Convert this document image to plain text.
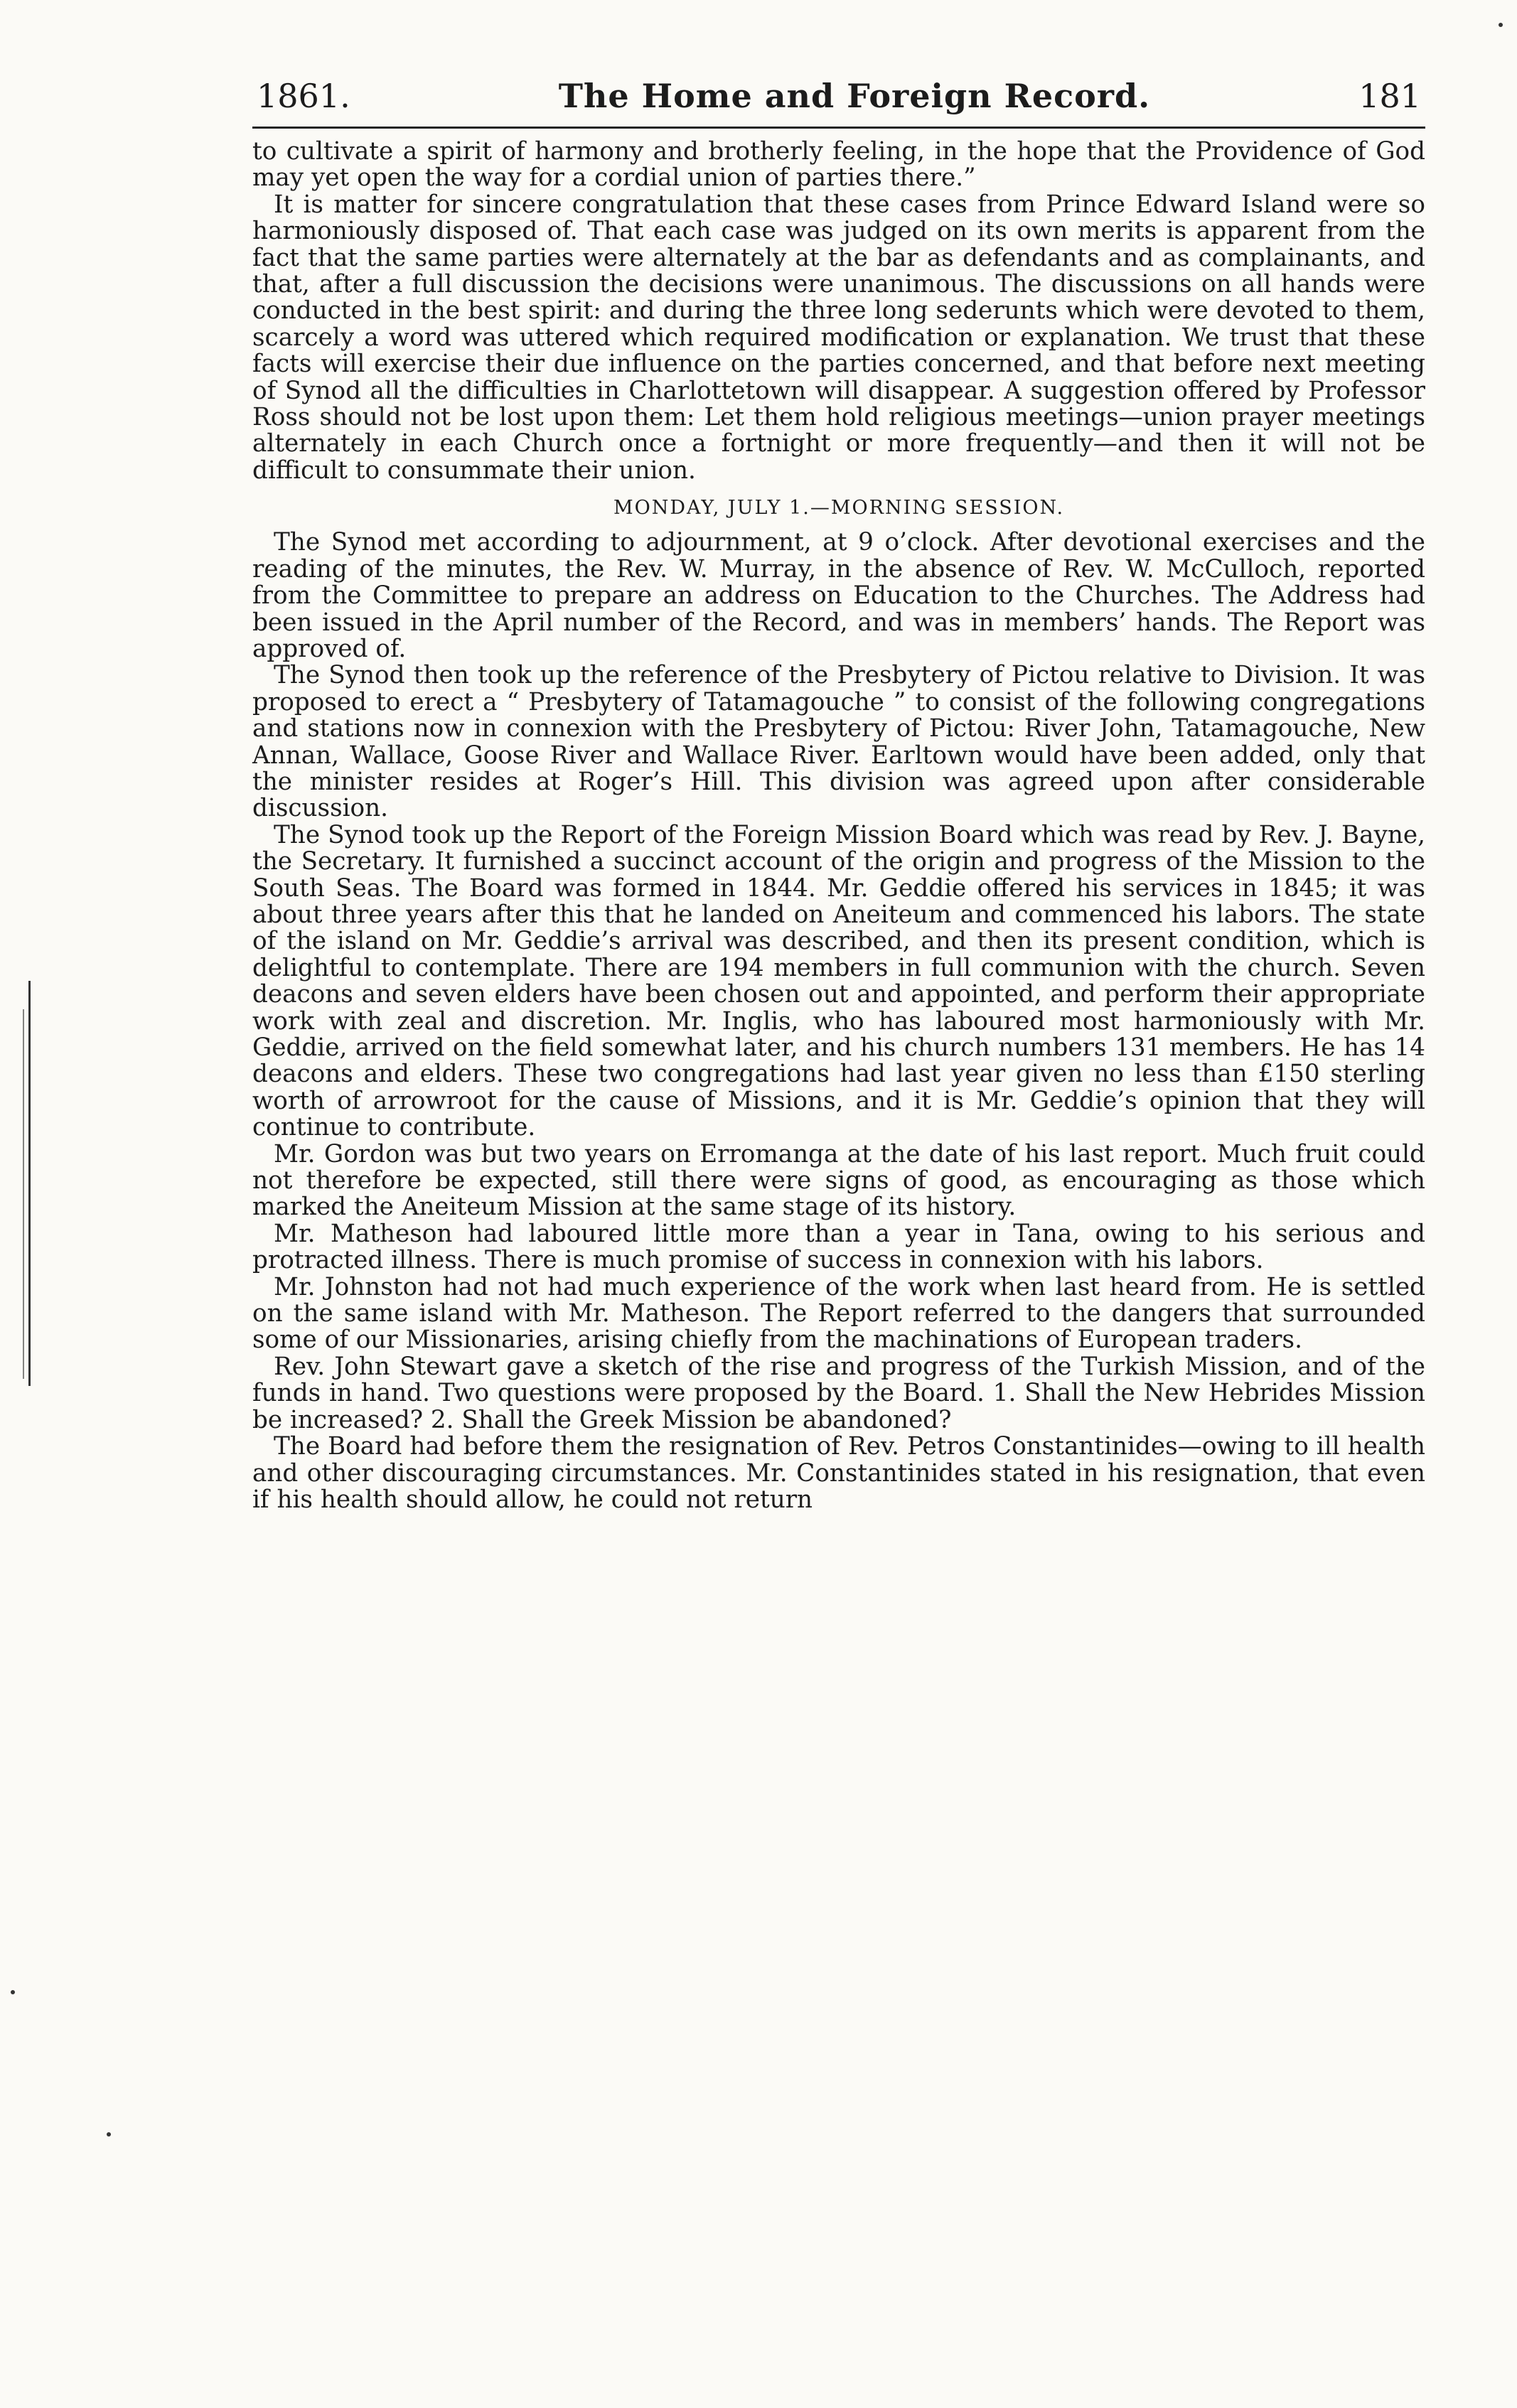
1861.	The Home and Foreign Record.	181

to cultivate a spirit of harmony and brotherly feeling, in the hope that the Providence of God may yet open the way for a cordial union of parties there.”

It is matter for sincere congratulation that these cases from Prince Edward Island were so harmoniously disposed of. That each case was judged on its own merits is apparent from the fact that the same parties were alternately at the bar as defendants and as complainants, and that, after a full discussion the decisions were unanimous. The discussions on all hands were conducted in the best spirit: and during the three long sederunts which were devoted to them, scarcely a word was uttered which required modification or explanation. We trust that these facts will exercise their due influence on the parties concerned, and that before next meeting of Synod all the difficulties in Charlottetown will disappear. A suggestion offered by Professor Ross should not be lost upon them: Let them hold religious meetings—union prayer meetings alternately in each Church once a fortnight or more frequently—and then it will not be difficult to consummate their union.

MONDAY, JULY 1.—MORNING SESSION.

The Synod met according to adjournment, at 9 o’clock. After devotional exercises and the reading of the minutes, the Rev. W. Murray, in the absence of Rev. W. McCulloch, reported from the Committee to prepare an address on Education to the Churches. The Address had been issued in the April number of the Record, and was in members’ hands. The Report was approved of.

The Synod then took up the reference of the Presbytery of Pictou relative to Division. It was proposed to erect a “ Presbytery of Tatamagouche ” to consist of the following congregations and stations now in connexion with the Presbytery of Pictou: River John, Tatamagouche, New Annan, Wallace, Goose River and Wallace River. Earltown would have been added, only that the minister resides at Roger’s Hill. This division was agreed upon after considerable discussion.

The Synod took up the Report of the Foreign Mission Board which was read by Rev. J. Bayne, the Secretary. It furnished a succinct account of the origin and progress of the Mission to the South Seas. The Board was formed in 1844. Mr. Geddie offered his services in 1845; it was about three years after this that he landed on Aneiteum and commenced his labors. The state of the island on Mr. Geddie’s arrival was described, and then its present condition, which is delightful to contemplate. There are 194 members in full communion with the church. Seven deacons and seven elders have been chosen out and appointed, and perform their appropriate work with zeal and discretion. Mr. Inglis, who has laboured most harmoniously with Mr. Geddie, arrived on the field somewhat later, and his church numbers 131 members. He has 14 deacons and elders. These two congregations had last year given no less than £150 sterling worth of arrowroot for the cause of Missions, and it is Mr. Geddie’s opinion that they will continue to contribute.

Mr. Gordon was but two years on Erromanga at the date of his last report. Much fruit could not therefore be expected, still there were signs of good, as encouraging as those which marked the Aneiteum Mission at the same stage of its history.

Mr. Matheson had laboured little more than a year in Tana, owing to his serious and protracted illness. There is much promise of success in connexion with his labors.

Mr. Johnston had not had much experience of the work when last heard from. He is settled on the same island with Mr. Matheson. The Report referred to the dangers that surrounded some of our Missionaries, arising chiefly from the machinations of European traders.

Rev. John Stewart gave a sketch of the rise and progress of the Turkish Mission, and of the funds in hand. Two questions were proposed by the Board. 1. Shall the New Hebrides Mission be increased? 2. Shall the Greek Mission be abandoned?

The Board had before them the resignation of Rev. Petros Constantinides—owing to ill health and other discouraging circumstances. Mr. Constantinides stated in his resignation, that even if his health should allow, he could not return
